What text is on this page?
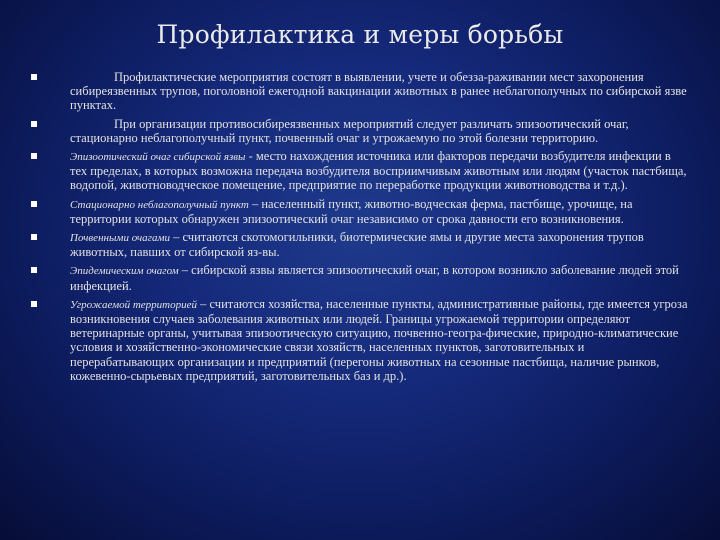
Профилактика и меры борьбы
Профилактические мероприятия состоят в выявлении, учете и обезза-раживании мест захоронения сибиреязвенных трупов, поголовной ежегодной вакцинации животных в ранее неблагополучных по сибирской язве пунктах.
При организации противосибиреязвенных мероприятий следует различать эпизоотический очаг, стационарно неблагополучный пункт, почвенный очаг и угрожаемую по этой болезни территорию.
Эпизоотический очаг сибирской язвы - место нахождения источника или факторов передачи возбудителя инфекции в тех пределах, в которых возможна передача возбудителя восприимчивым животным или людям (участок пастбища, водопой, животноводческое помещение, предприятие по переработке продукции животноводства и т.д.).
Стационарно неблагополучный пункт – населенный пункт, животно-водческая ферма, пастбище, урочище, на территории которых обнаружен эпизоотический очаг независимо от срока давности его возникновения.
Почвенными очагами – считаются скотомогильники, биотермические ямы и другие места захоронения трупов животных, павших от сибирской яз-вы.
Эпидемическим очагом – сибирской язвы является эпизоотический очаг, в котором возникло заболевание людей этой инфекцией.
Угрожаемой территорией – считаются хозяйства, населенные пункты, административные районы, где имеется угроза возникновения случаев заболевания животных или людей. Границы угрожаемой территории определяют ветеринарные органы, учитывая эпизоотическую ситуацию, почвенно-геогра-фические, природно-климатические условия и хозяйственно-экономические связи хозяйств, населенных пунктов, заготовительных и перерабатывающих организации и предприятий (перегоны животных на сезонные пастбища, наличие рынков, кожевенно-сырьевых предприятий, заготовительных баз и др.).
